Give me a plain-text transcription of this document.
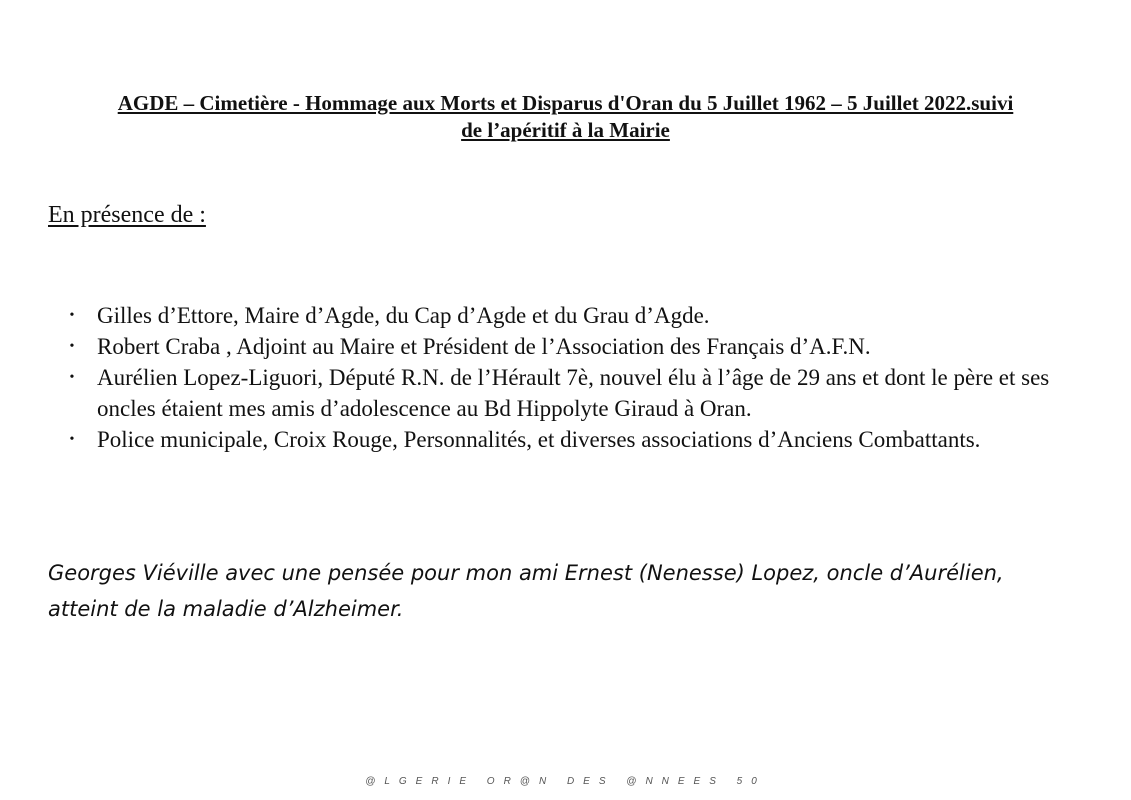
AGDE – Cimetière - Hommage aux Morts et Disparus d'Oran du 5 Juillet 1962 – 5 Juillet 2022.suivi
de l’apéritif à la Mairie
En présence de :
• Gilles d’Ettore, Maire d’Agde, du Cap d’Agde et du Grau d’Agde.
• Robert Craba , Adjoint au Maire et Président de l’Association des Français d’A.F.N.
• Aurélien Lopez-Liguori, Député R.N. de l’Hérault 7è, nouvel élu à l’âge de 29 ans et dont le père et ses oncles étaient mes amis d’adolescence au Bd Hippolyte Giraud à Oran.
• Police municipale, Croix Rouge, Personnalités, et diverses associations d’Anciens Combattants.
Georges Viéville avec une pensée pour mon ami Ernest (Nenesse) Lopez, oncle d’Aurélien,
atteint de la maladie d’Alzheimer.
@LGERIE OR@N DES @NNEES 50
